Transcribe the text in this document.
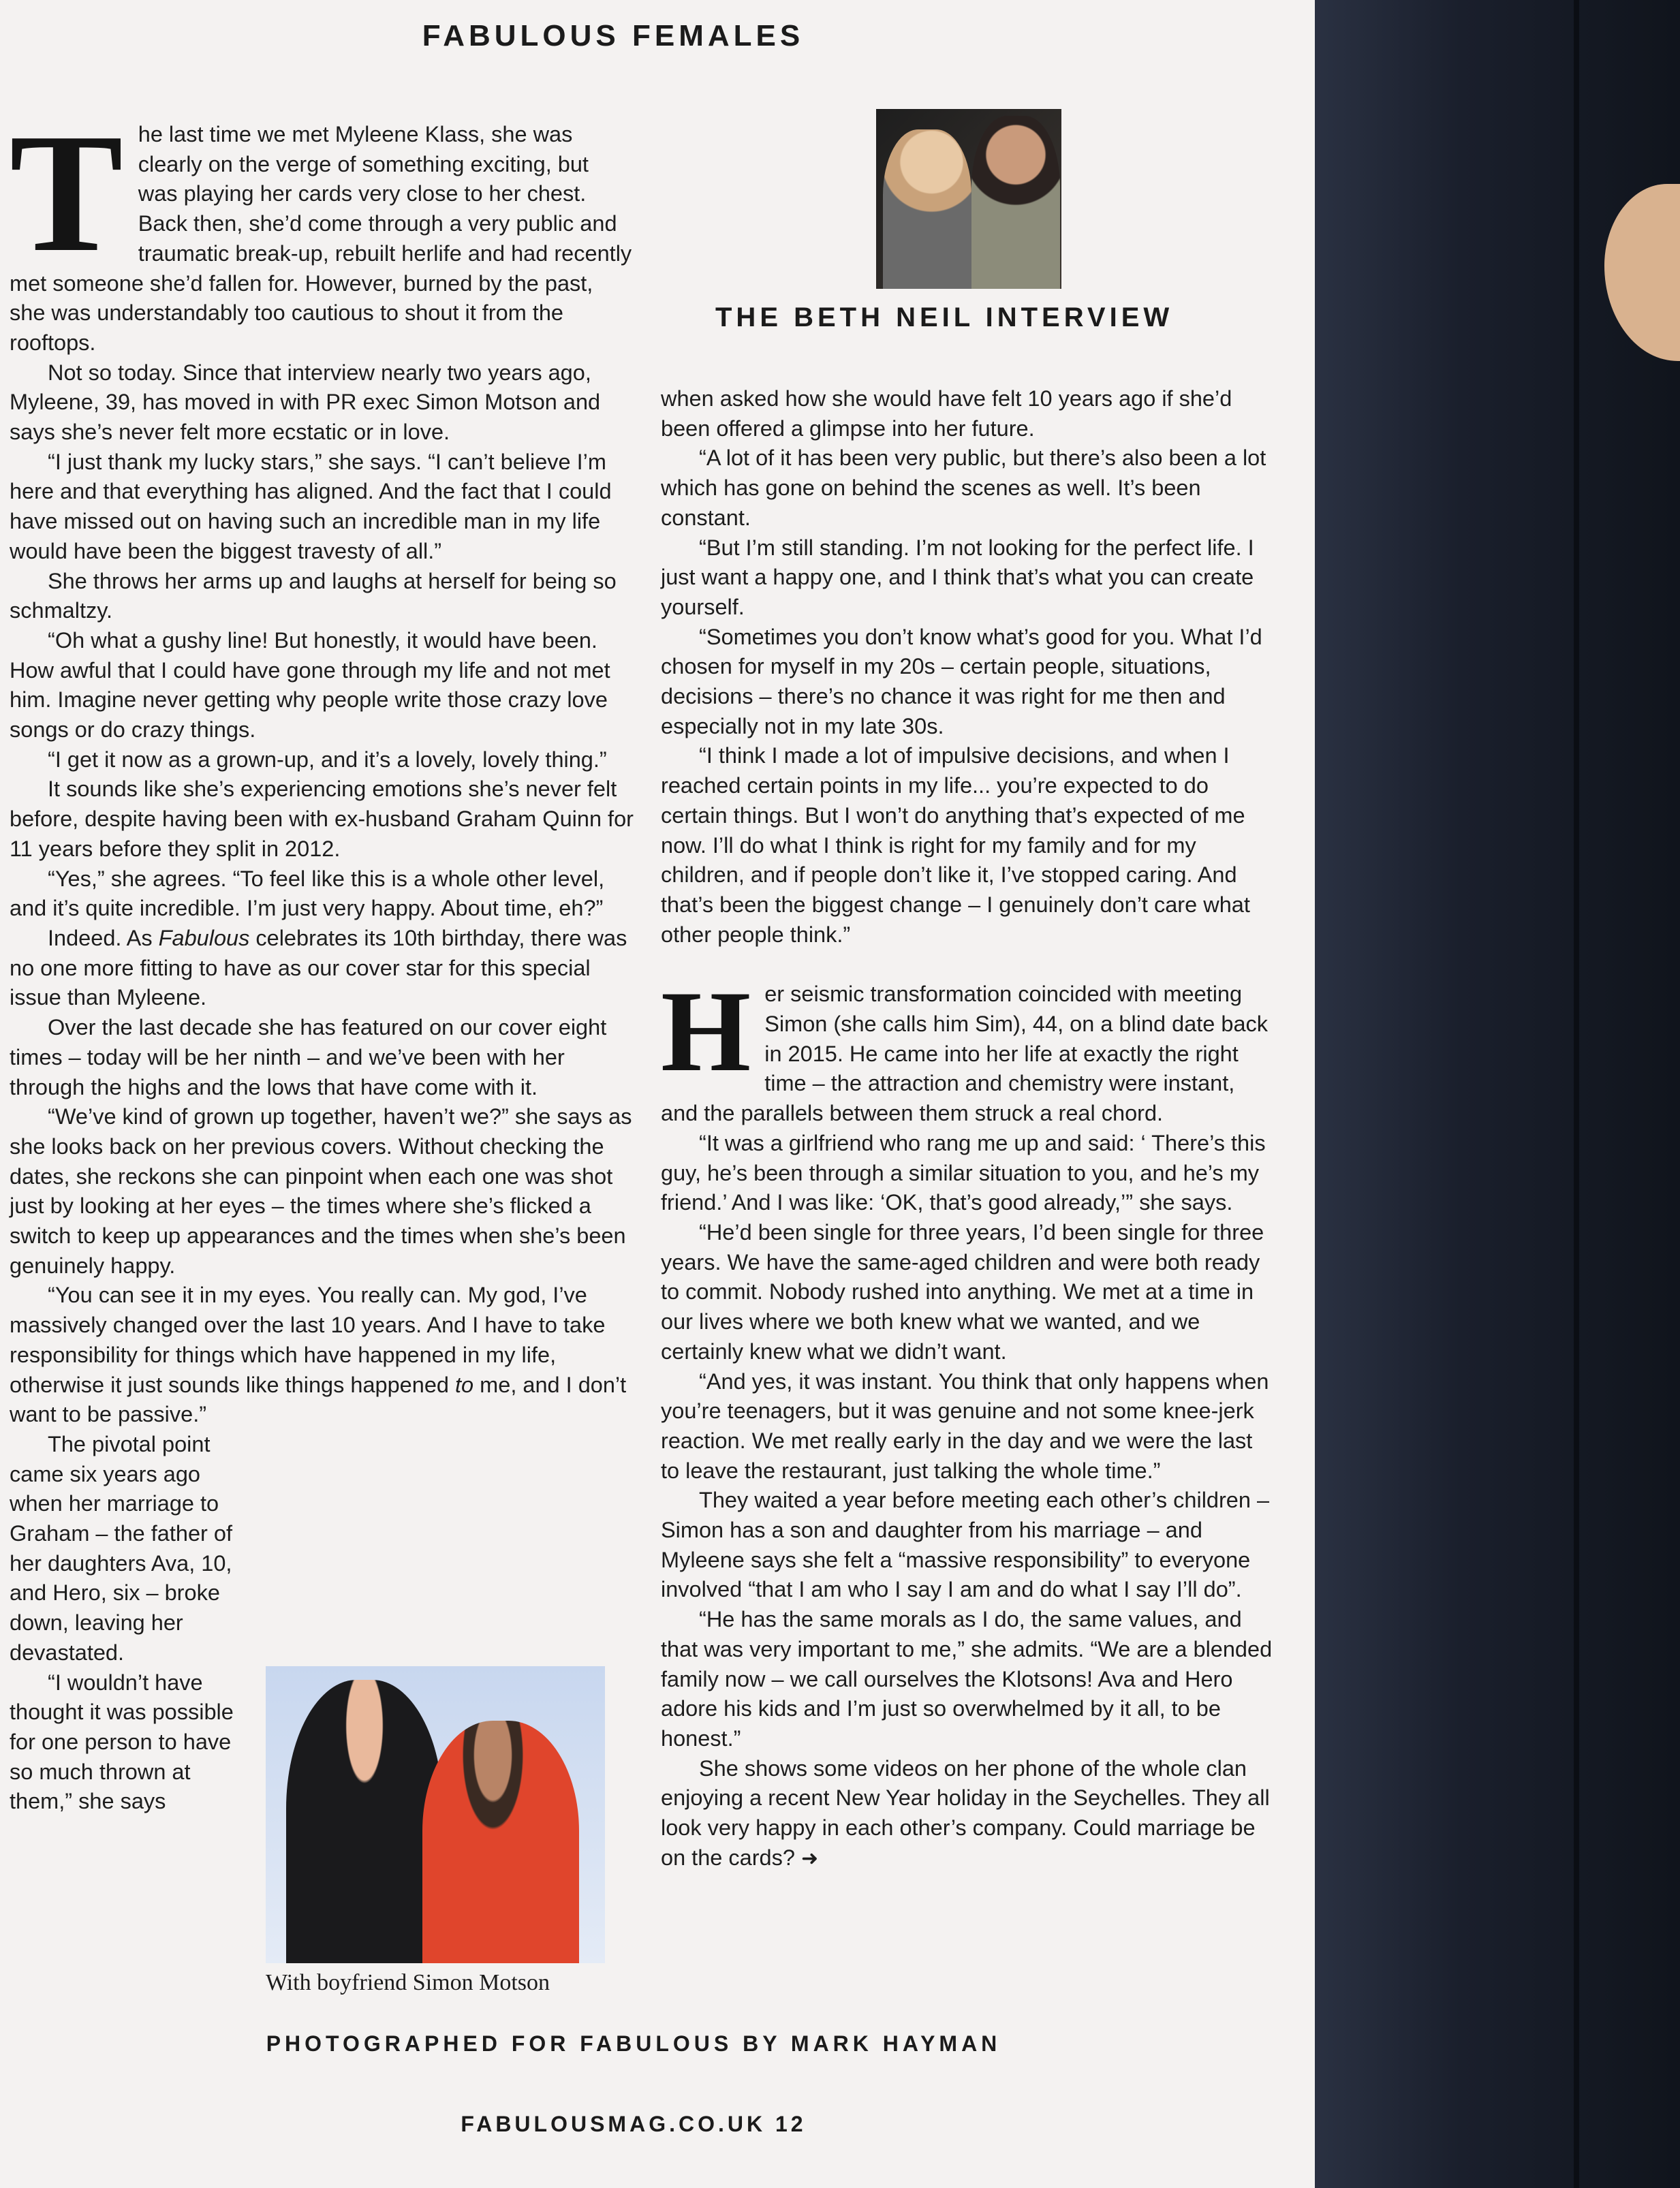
FABULOUS FEMALES
THE BETH NEIL INTERVIEW

The last time we met Myleene Klass, she was clearly on the verge of something exciting, but was playing her cards very close to her chest. Back then, she’d come through a very public and traumatic break-up, rebuilt herlife and had recently met someone she’d fallen for. However, burned by the past, she was understandably too cautious to shout it from the rooftops.

Not so today. Since that interview nearly two years ago, Myleene, 39, has moved in with PR exec Simon Motson and says she’s never felt more ecstatic or in love.

“I just thank my lucky stars,” she says. “I can’t believe I’m here and that everything has aligned. And the fact that I could have missed out on having such an incredible man in my life would have been the biggest travesty of all.”

She throws her arms up and laughs at herself for being so schmaltzy.

“Oh what a gushy line! But honestly, it would have been. How awful that I could have gone through my life and not met him. Imagine never getting why people write those crazy love songs or do crazy things.

“I get it now as a grown-up, and it’s a lovely, lovely thing.”

It sounds like she’s experiencing emotions she’s never felt before, despite having been with ex-husband Graham Quinn for 11 years before they split in 2012.

“Yes,” she agrees. “To feel like this is a whole other level, and it’s quite incredible. I’m just very happy. About time, eh?”

Indeed. As Fabulous celebrates its 10th birthday, there was no one more fitting to have as our cover star for this special issue than Myleene.

Over the last decade she has featured on our cover eight times – today will be her ninth – and we’ve been with her through the highs and the lows that have come with it.

“We’ve kind of grown up together, haven’t we?” she says as she looks back on her previous covers. Without checking the dates, she reckons she can pinpoint when each one was shot just by looking at her eyes – the times where she’s flicked a switch to keep up appearances and the times when she’s been genuinely happy.

“You can see it in my eyes. You really can. My god, I’ve massively changed over the last 10 years. And I have to take responsibility for things which have happened in my life, otherwise it just sounds like things happened to me, and I don’t want to be passive.”

The pivotal point came six years ago when her marriage to Graham – the father of her daughters Ava, 10, and Hero, six – broke down, leaving her devastated.

“I wouldn’t have thought it was possible for one person to have so much thrown at them,” she says

With boyfriend Simon Motson

when asked how she would have felt 10 years ago if she’d been offered a glimpse into her future.

“A lot of it has been very public, but there’s also been a lot which has gone on behind the scenes as well. It’s been constant.

“But I’m still standing. I’m not looking for the perfect life. I just want a happy one, and I think that’s what you can create yourself.

“Sometimes you don’t know what’s good for you. What I’d chosen for myself in my 20s – certain people, situations, decisions – there’s no chance it was right for me then and especially not in my late 30s.

“I think I made a lot of impulsive decisions, and when I reached certain points in my life... you’re expected to do certain things. But I won’t do anything that’s expected of me now. I’ll do what I think is right for my family and for my children, and if people don’t like it, I’ve stopped caring. And that’s been the biggest change – I genuinely don’t care what other people think.”

Her seismic transformation coincided with meeting Simon (she calls him Sim), 44, on a blind date back in 2015. He came into her life at exactly the right time – the attraction and chemistry were instant, and the parallels between them struck a real chord.

“It was a girlfriend who rang me up and said: ‘ There’s this guy, he’s been through a similar situation to you, and he’s my friend.’ And I was like: ‘OK, that’s good already,’” she says.

“He’d been single for three years, I’d been single for three years. We have the same-aged children and were both ready to commit. Nobody rushed into anything. We met at a time in our lives where we both knew what we wanted, and we certainly knew what we didn’t want.

“And yes, it was instant. You think that only happens when you’re teenagers, but it was genuine and not some knee-jerk reaction. We met really early in the day and we were the last to leave the restaurant, just talking the whole time.”

They waited a year before meeting each other’s children – Simon has a son and daughter from his marriage – and Myleene says she felt a “massive responsibility” to everyone involved “that I am who I say I am and do what I say I’ll do”.

“He has the same morals as I do, the same values, and that was very important to me,” she admits. “We are a blended family now – we call ourselves the Klotsons! Ava and Hero adore his kids and I’m just so overwhelmed by it all, to be honest.”

She shows some videos on her phone of the whole clan enjoying a recent New Year holiday in the Seychelles. They all look very happy in each other’s company. Could marriage be on the cards? ➜

PHOTOGRAPHED FOR FABULOUS BY MARK HAYMAN
FABULOUSMAG.CO.UK 12
